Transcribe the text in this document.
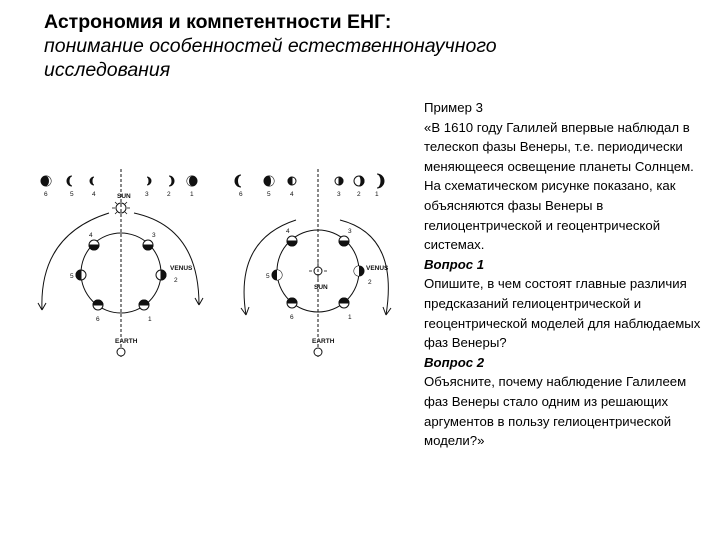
Астрономия и компетентности ЕНГ:
понимание особенностей естественнонаучного
исследования
6	5	4	3	2	1
SUN
4	3
5
2
6	1
VENUS
EARTH
6	5	4	3	2 1
SUN
4	3
5
2
6	1
VENUS
EARTH

Пример 3

«В 1610 году Галилей впервые наблюдал в телескоп фазы Венеры, т.е. периодически меняющееся освещение планеты Солнцем. На схематическом рисунке показано, как объясняются фазы Венеры в гелиоцентрической и геоцентрической системах.

Вопрос 1

Опишите, в чем состоят главные различия предсказаний гелиоцентрической и геоцентрической моделей для наблюдаемых фаз Венеры?

Вопрос 2

Объясните, почему наблюдение Галилеем фаз Венеры стало одним из решающих аргументов в пользу гелиоцентрической модели?»
